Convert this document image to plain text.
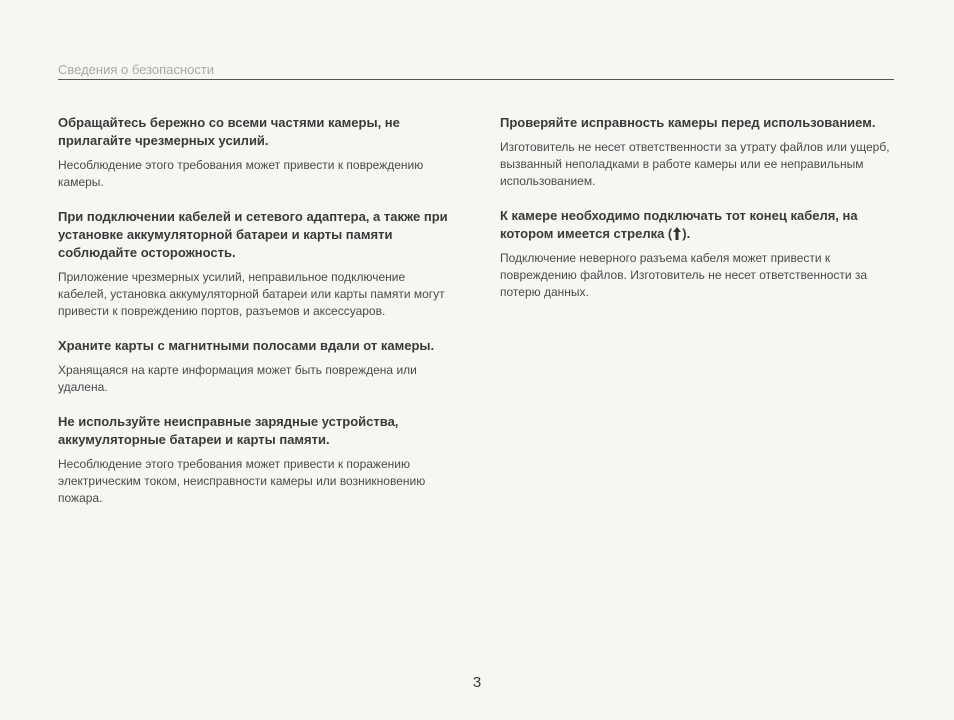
Сведения о безопасности
Обращайтесь бережно со всеми частями камеры, не прилагайте чрезмерных усилий.

Несоблюдение этого требования может привести к повреждению камеры.

При подключении кабелей и сетевого адаптера, а также при установке аккумуляторной батареи и карты памяти соблюдайте осторожность.

Приложение чрезмерных усилий, неправильное подключение кабелей, установка аккумуляторной батареи или карты памяти могут привести к повреждению портов, разъемов и аксессуаров.

Храните карты с магнитными полосами вдали от камеры.

Хранящаяся на карте информация может быть повреждена или удалена.

Не используйте неисправные зарядные устройства, аккумуляторные батареи и карты памяти.

Несоблюдение этого требования может привести к поражению электрическим током, неисправности камеры или возникновению пожара.

Проверяйте исправность камеры перед использованием.

Изготовитель не несет ответственности за утрату файлов или ущерб, вызванный неполадками в работе камеры или ее неправильным использованием.

К камере необходимо подключать тот конец кабеля, на котором имеется стрелка ( ).

Подключение неверного разъема кабеля может привести к повреждению файлов. Изготовитель не несет ответственности за потерю данных.

3
